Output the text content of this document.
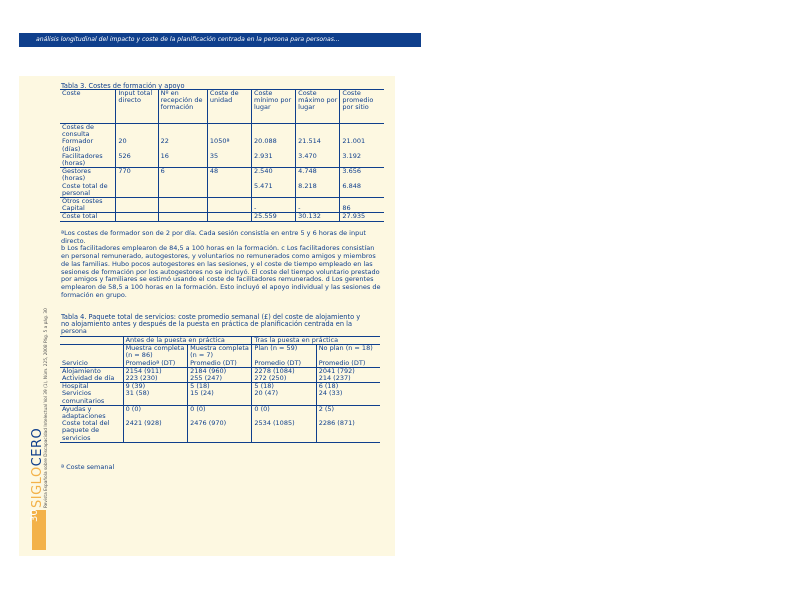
análisis longitudinal del impacto y coste de la planificación centrada en la persona para personas...
30
SIGLOCERO Revista Española sobre Discapacidad Intelectual Vol 39 (1), Núm. 225, 2008 Pág. 5 a pág. 30
Tabla 3. Costes de formación y apoyo
Coste	Input total directo	Nº en recepción de formación	Coste de unidad	Coste mínimo por lugar	Coste máximo por lugar	Coste promedio por sitio
Costes de consulta						
Formador (días)	20	22	1050ª	20.088	21.514	21.001
Facilitadores (horas)	526	16	35	2.931	3.470	3.192
Gestores (horas)	770	6	48	2.540	4.748	3.656
Coste total de personal				5.471	8.218	6.848
Otros costes						
Capital				-	-	86
Coste total				25.559	30.132	27.935

ªLos costes de formador son de 2 por día. Cada sesión consistía en entre 5 y 6 horas de input directo.

b Los facilitadores emplearon de 84,5 a 100 horas en la formación. c Los facilitadores consistían en personal remunerado, autogestores, y voluntarios no remunerados como amigos y miembros de las familias. Hubo pocos autogestores en las sesiones, y el coste de tiempo empleado en las sesiones de formación por los autogestores no se incluyó. El coste del tiempo voluntario prestado por amigos y familiares se estimó usando el coste de facilitadores remunerados. d Los gerentes emplearon de 58,5 a 100 horas en la formación. Esto incluyó el apoyo individual y las sesiones de formación en grupo.

Tabla 4. Paquete total de servicios: coste promedio semanal (£) del coste de alojamiento y
no alojamiento antes y después de la puesta en práctica de planificación centrada en la
persona
	Antes de la puesta en práctica		Tras la puesta en práctica	
	Muestra completa (n = 86)	Muestra completa (n = 7)	Plan (n = 59)	No plan (n = 18)
Servicio	Promedioª (DT)	Promedio (DT)	Promedio (DT)	Promedio (DT)
Alojamiento	2154 (911)	2184 (960)	2278 (1084)	2041 (792)
Actividad de día	223 (230)	255 (247)	272 (250)	214 (237)
Hospital	9 (39)	5 (18)	5 (18)	6 (18)
Servicios comunitarios	31 (58)	15 (24)	20 (47)	24 (33)
Ayudas y adaptaciones	0 (0)	0 (0)	0 (0)	2 (5)
Coste total del paquete de servicios	2421 (928)	2476 (970)	2534 (1085)	2286 (871)
ª Coste semanal
